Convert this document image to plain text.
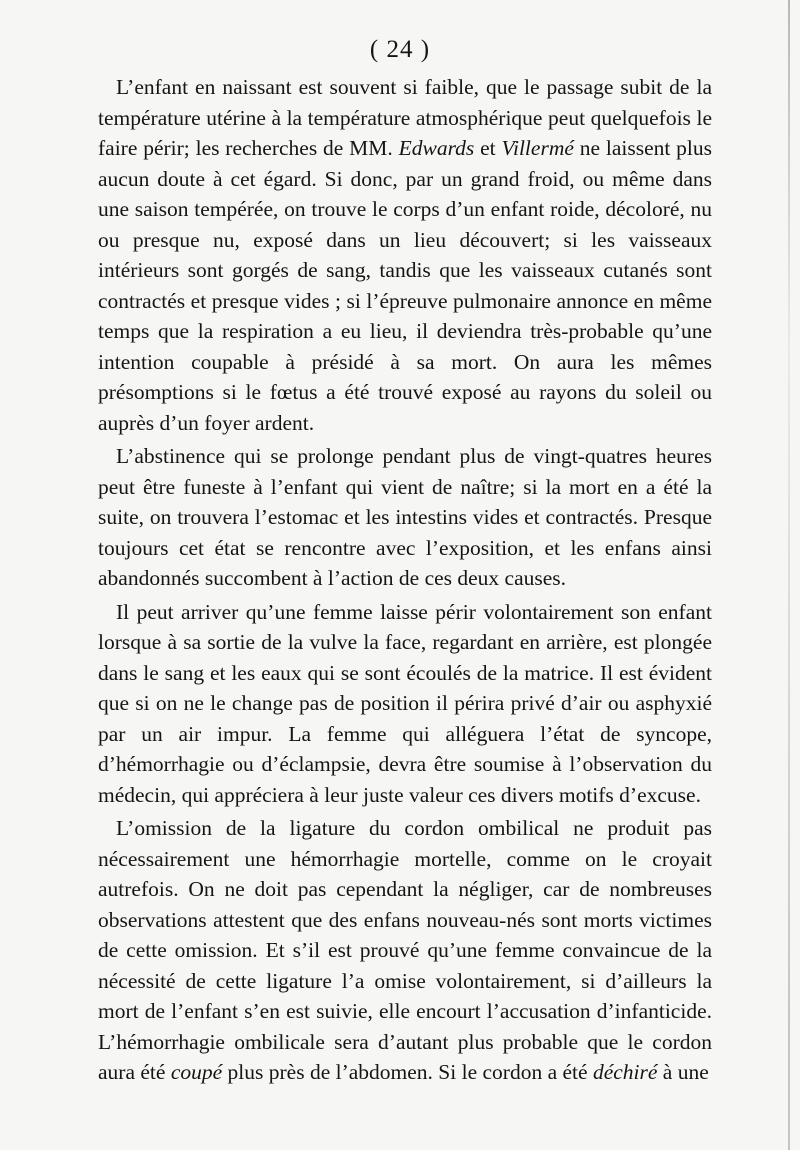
( 24 )

L’enfant en naissant est souvent si faible, que le passage subit de la température utérine à la température atmosphérique peut quelquefois le faire périr; les recherches de MM. Edwards et Villermé ne laissent plus aucun doute à cet égard. Si donc, par un grand froid, ou même dans une saison tempérée, on trouve le corps d’un enfant roide, décoloré, nu ou presque nu, exposé dans un lieu découvert; si les vaisseaux intérieurs sont gorgés de sang, tandis que les vaisseaux cutanés sont contractés et presque vides ; si l’épreuve pulmonaire annonce en même temps que la respiration a eu lieu, il deviendra très-probable qu’une intention coupable à présidé à sa mort. On aura les mêmes présomptions si le fœtus a été trouvé exposé au rayons du soleil ou auprès d’un foyer ardent.

L’abstinence qui se prolonge pendant plus de vingt-quatres heures peut être funeste à l’enfant qui vient de naître; si la mort en a été la suite, on trouvera l’estomac et les intestins vides et contractés. Presque toujours cet état se rencontre avec l’exposition, et les enfans ainsi abandonnés succombent à l’action de ces deux causes.

Il peut arriver qu’une femme laisse périr volontairement son enfant lorsque à sa sortie de la vulve la face, regardant en arrière, est plongée dans le sang et les eaux qui se sont écoulés de la matrice. Il est évident que si on ne le change pas de position il périra privé d’air ou asphyxié par un air impur. La femme qui alléguera l’état de syncope, d’hémorrhagie ou d’éclampsie, devra être soumise à l’observation du médecin, qui appréciera à leur juste valeur ces divers motifs d’excuse.

L’omission de la ligature du cordon ombilical ne produit pas nécessairement une hémorrhagie mortelle, comme on le croyait autrefois. On ne doit pas cependant la négliger, car de nombreuses observations attestent que des enfans nouveau-nés sont morts victimes de cette omission. Et s’il est prouvé qu’une femme convaincue de la nécessité de cette ligature l’a omise volontairement, si d’ailleurs la mort de l’enfant s’en est suivie, elle encourt l’accusation d’infanticide. L’hémorrhagie ombilicale sera d’autant plus probable que le cordon aura été coupé plus près de l’abdomen. Si le cordon a été déchiré à une
